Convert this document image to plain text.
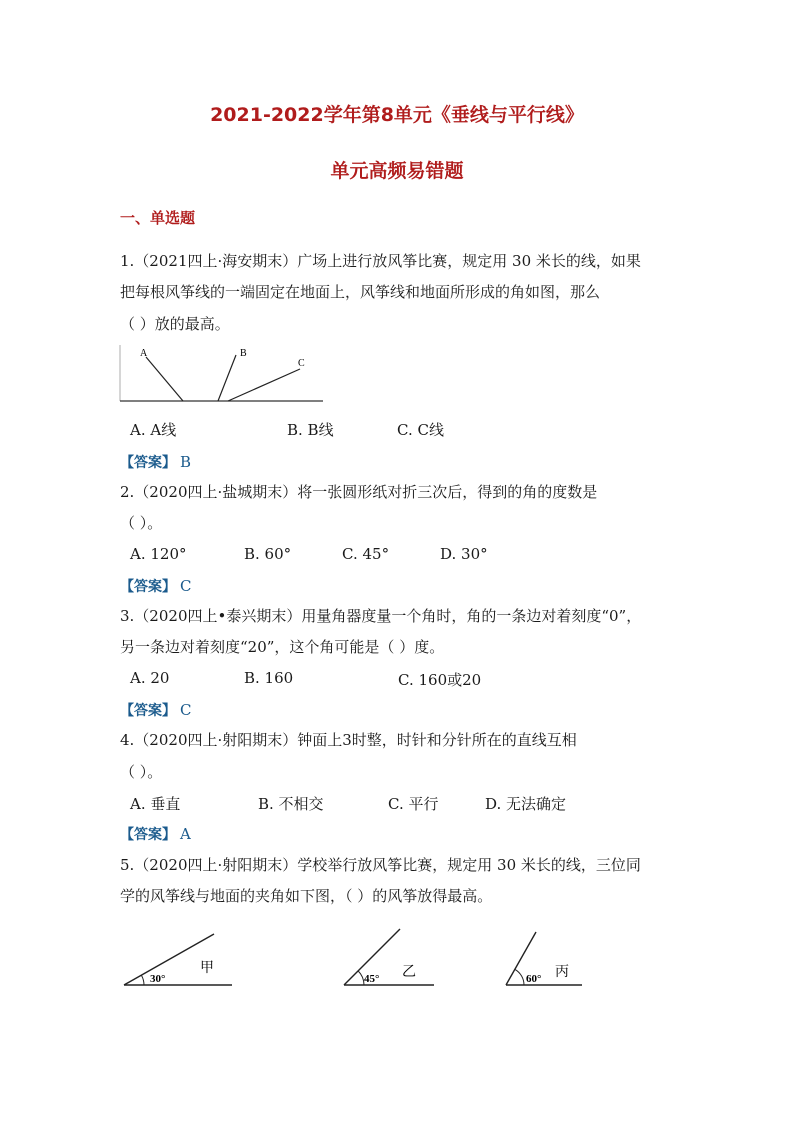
2021-2022学年第8单元《垂线与平行线》
单元高频易错题
一、单选题
1.（2021四上·海安期末）广场上进行放风筝比赛，规定用 30 米长的线，如果
把每根风筝线的一端固定在地面上，风筝线和地面所形成的角如图，那么
（ ）放的最高。
A	B
C
A. A线	B. B线	C. C线
【答案】 B
2.（2020四上·盐城期末）将一张圆形纸对折三次后，得到的角的度数是
（ ）。
A. 120°	B. 60°	C. 45°	D. 30°
【答案】 C
3.（2020四上•泰兴期末）用量角器度量一个角时，角的一条边对着刻度“0”，
另一条边对着刻度“20”，这个角可能是（ ）度。
A. 20	B. 160	C. 160或20
【答案】 C
4.（2020四上·射阳期末）钟面上3时整，时针和分针所在的直线互相
（ ）。
A. 垂直	B. 不相交	C. 平行	D. 无法确定
【答案】 A
5.（2020四上·射阳期末）学校举行放风筝比赛，规定用 30 米长的线，三位同
学的风筝线与地面的夹角如下图，（ ）的风筝放得最高。
30°
甲
45° 乙	60° 丙
